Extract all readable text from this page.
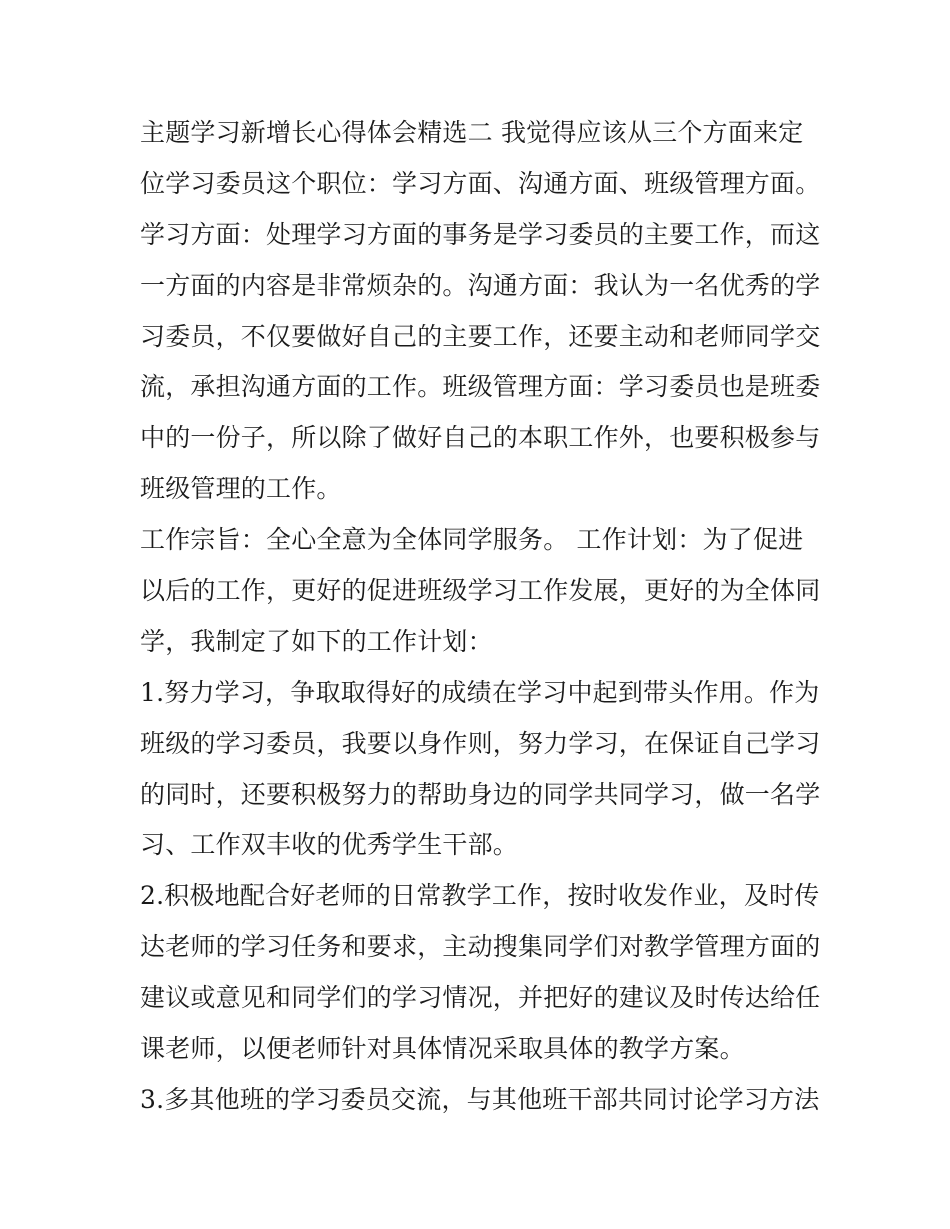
主题学习新增长心得体会精选二 我觉得应该从三个方面来定
位学习委员这个职位：学习方面、沟通方面、班级管理方面。
学习方面：处理学习方面的事务是学习委员的主要工作，而这
一方面的内容是非常烦杂的。沟通方面：我认为一名优秀的学
习委员，不仅要做好自己的主要工作，还要主动和老师同学交
流，承担沟通方面的工作。班级管理方面：学习委员也是班委
中的一份子，所以除了做好自己的本职工作外，也要积极参与
班级管理的工作。
工作宗旨：全心全意为全体同学服务。 工作计划：为了促进
以后的工作，更好的促进班级学习工作发展，更好的为全体同
学，我制定了如下的工作计划：
1.努力学习，争取取得好的成绩在学习中起到带头作用。作为
班级的学习委员，我要以身作则，努力学习，在保证自己学习
的同时，还要积极努力的帮助身边的同学共同学习，做一名学
习、工作双丰收的优秀学生干部。
2.积极地配合好老师的日常教学工作，按时收发作业，及时传
达老师的学习任务和要求，主动搜集同学们对教学管理方面的
建议或意见和同学们的学习情况，并把好的建议及时传达给任
课老师，以便老师针对具体情况采取具体的教学方案。
3.多其他班的学习委员交流，与其他班干部共同讨论学习方法
